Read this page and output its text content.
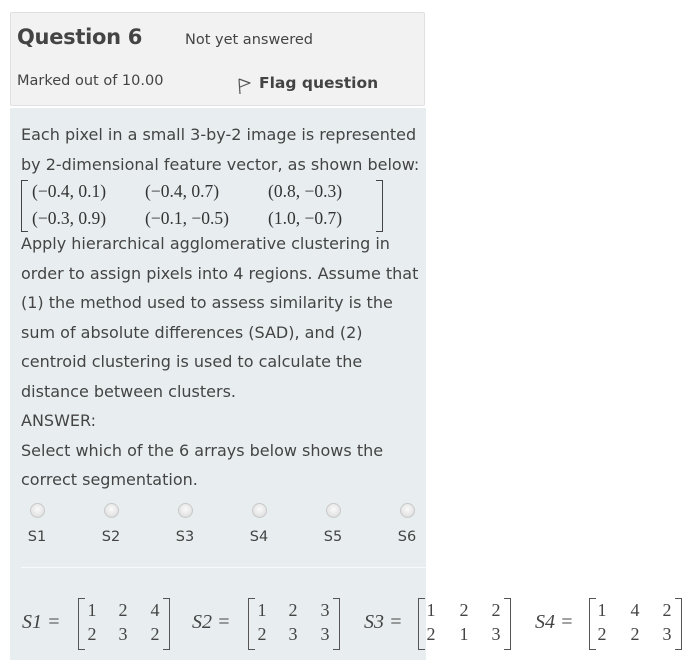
Question 6	Not yet answered
Marked out of 10.00	Flag question
Each pixel in a small 3-by-2 image is represented by 2-dimensional feature vector, as shown below:
(−0.4, 0.1) (−0.4, 0.7)	(0.8, −0.3)
(−0.3, 0.9) (−0.1, −0.5) (1.0, −0.7)
Apply hierarchical agglomerative clustering in order to assign pixels into 4 regions. Assume that (1) the method used to assess similarity is the sum of absolute differences (SAD), and (2) centroid clustering is used to calculate the distance between clusters.
ANSWER:
Select which of the 6 arrays below shows the correct segmentation.
S1	S2	S3	S4	S5	S6
S1 =
1 2 4
2 3 2
S2 =
1 2 3
2 3 3
S3 =
1 2 2
2 1 3
S4 =
1 4 2
2 2 3
